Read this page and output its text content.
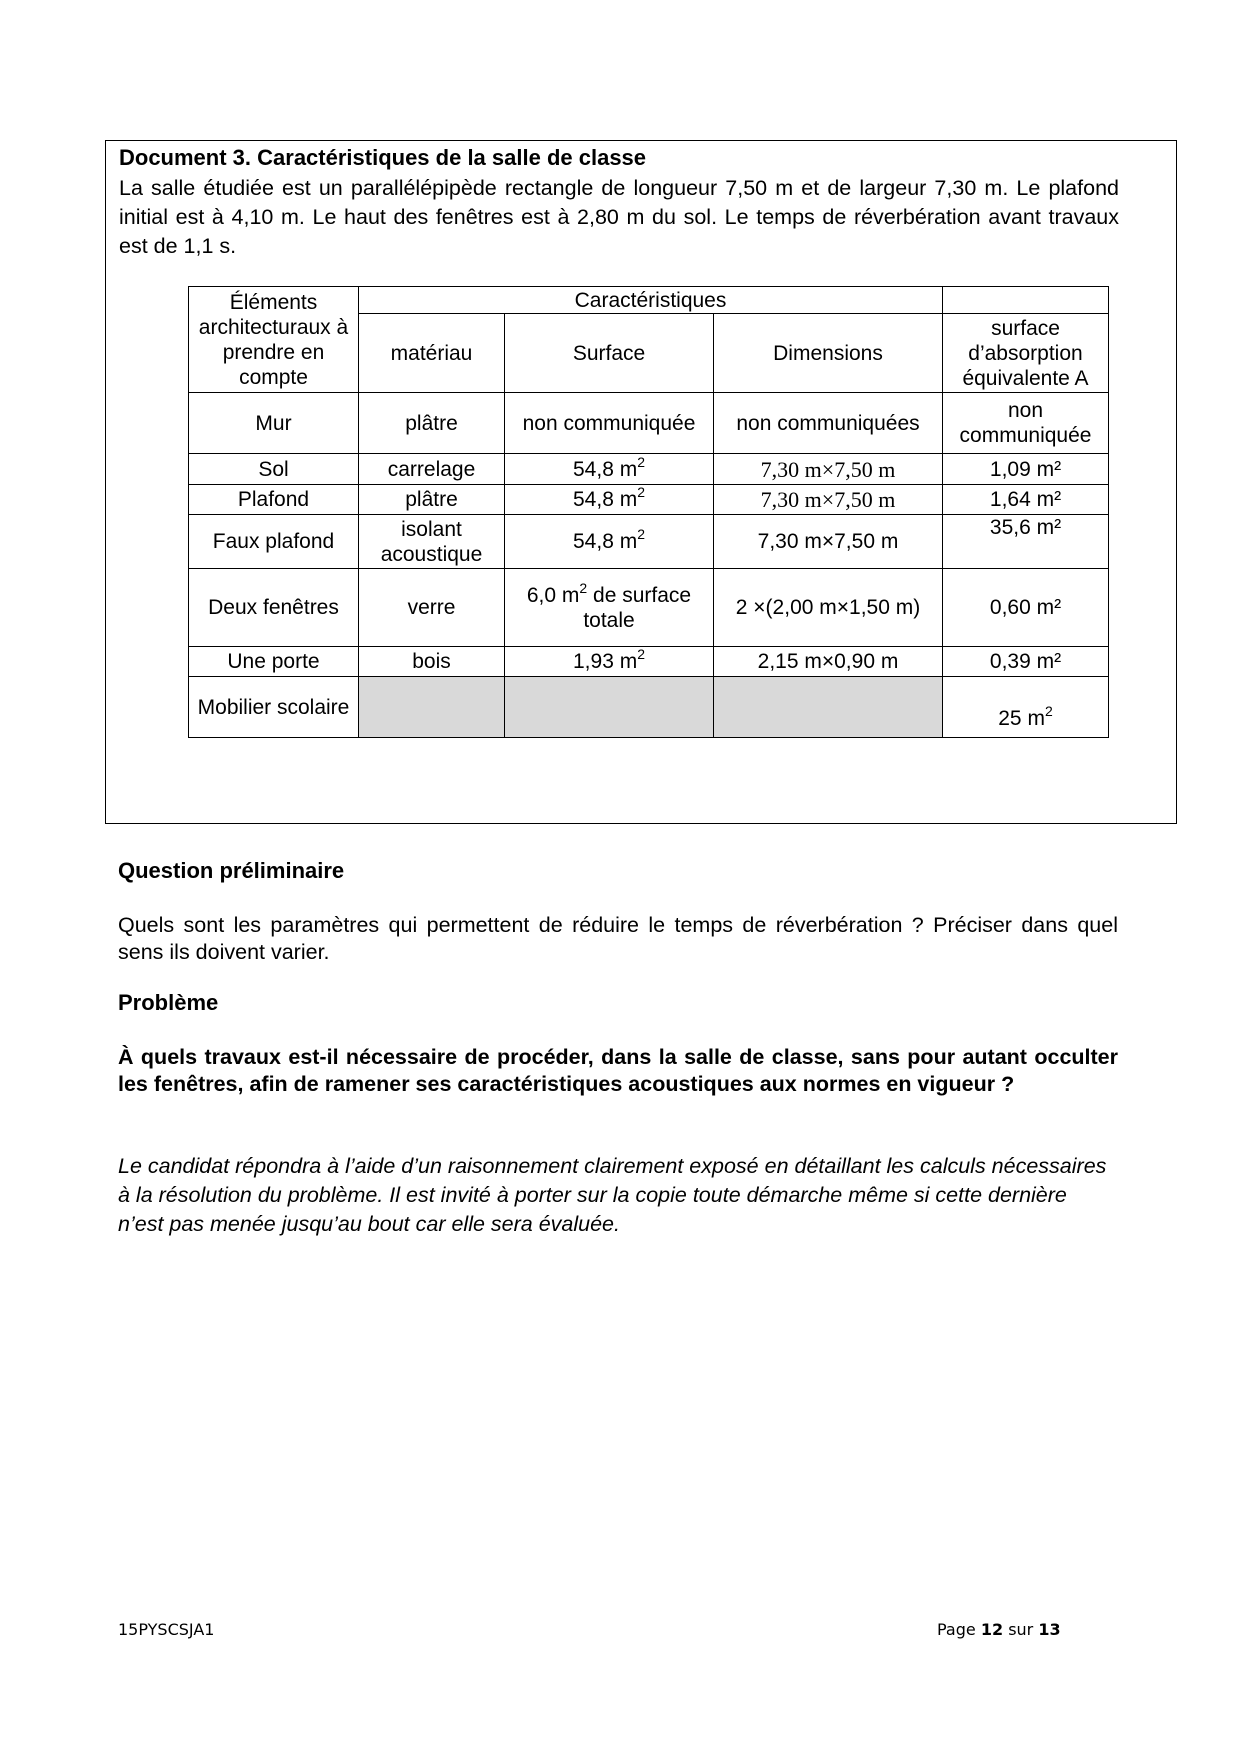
Document 3. Caractéristiques de la salle de classe
La salle étudiée est un parallélépipède rectangle de longueur 7,50 m et de largeur 7,30 m. Le plafond initial est à 4,10 m. Le haut des fenêtres est à 2,80 m du sol. Le temps de réverbération avant travaux est de 1,1 s.
Éléments architecturaux à prendre en compte	Caractéristiques			
	matériau	Surface	Dimensions	surface d’absorption équivalente A
Mur	plâtre	non communiquée	non communiquées	non communiquée
Sol	carrelage	54,8 $m^2$	7,30 m×7,50 m	1,09 m²
Plafond	plâtre	54,8 $m^2$	7,30 m×7,50 m	1,64 m²
Faux plafond	isolant acoustique	54,8 $m^2$	7,30 m×7,50 m	35,6 m²
Deux fenêtres	verre	6,0 $m^2$ de surface totale	2 ×(2,00 m×1,50 m)	0,60 m²
Une porte	bois	1,93 $m^2$	2,15 m×0,90 m	0,39 m²
Mobilier scolaire				25 $m^2$
Question préliminaire
Quels sont les paramètres qui permettent de réduire le temps de réverbération ? Préciser dans quel sens ils doivent varier.
Problème
À quels travaux est-il nécessaire de procéder, dans la salle de classe, sans pour autant occulter les fenêtres, afin de ramener ses caractéristiques acoustiques aux normes en vigueur ?
Le candidat répondra à l’aide d’un raisonnement clairement exposé en détaillant les calculs nécessaires à la résolution du problème. Il est invité à porter sur la copie toute démarche même si cette dernière n’est pas menée jusqu’au bout car elle sera évaluée.
15PYSCSJA1	Page 12 sur 13
